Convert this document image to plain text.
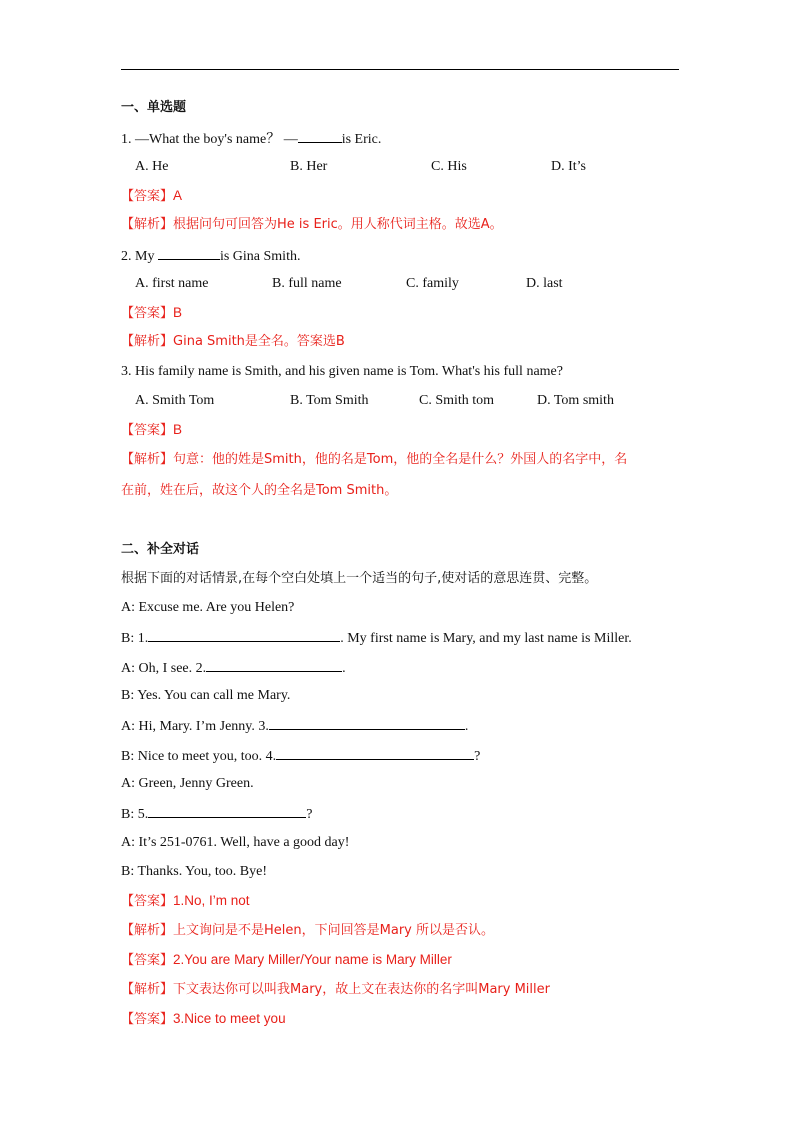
一、单选题
1. —What the boy's name？ —	is Eric.
A. He	B. Her	C. His	D. It’s
【答案】A
【解析】根据问句可回答为He is Eric。用人称代词主格。故选A。
2. My	is Gina Smith.
A. first name	B. full name	C. family	D. last
【答案】B
【解析】Gina Smith是全名。答案选B
3. His family name is Smith, and his given name is Tom. What's his full name?
A. Smith Tom	B. Tom Smith	C. Smith tom	D. Tom smith
【答案】B
【解析】句意：他的姓是Smith，他的名是Tom，他的全名是什么？外国人的名字中，名
在前，姓在后，故这个人的全名是Tom Smith。
二、补全对话
根据下面的对话情景,在每个空白处填上一个适当的句子,使对话的意思连贯、完整。
A: Excuse me. Are you Helen?
B: 1.	. My first name is Mary, and my last name is Miller.
A: Oh, I see. 2.	.
B: Yes. You can call me Mary.
A: Hi, Mary. I’m Jenny. 3.	.
B: Nice to meet you, too. 4.	?
A: Green, Jenny Green.
B: 5.	?
A: It’s 251-0761. Well, have a good day!
B: Thanks. You, too. Bye!
【答案】1.No, I’m not
【解析】上文询问是不是Helen，下问回答是Mary 所以是否认。
【答案】2.You are Mary Miller/Your name is Mary Miller
【解析】下文表达你可以叫我Mary，故上文在表达你的名字叫Mary Miller
【答案】3.Nice to meet you
